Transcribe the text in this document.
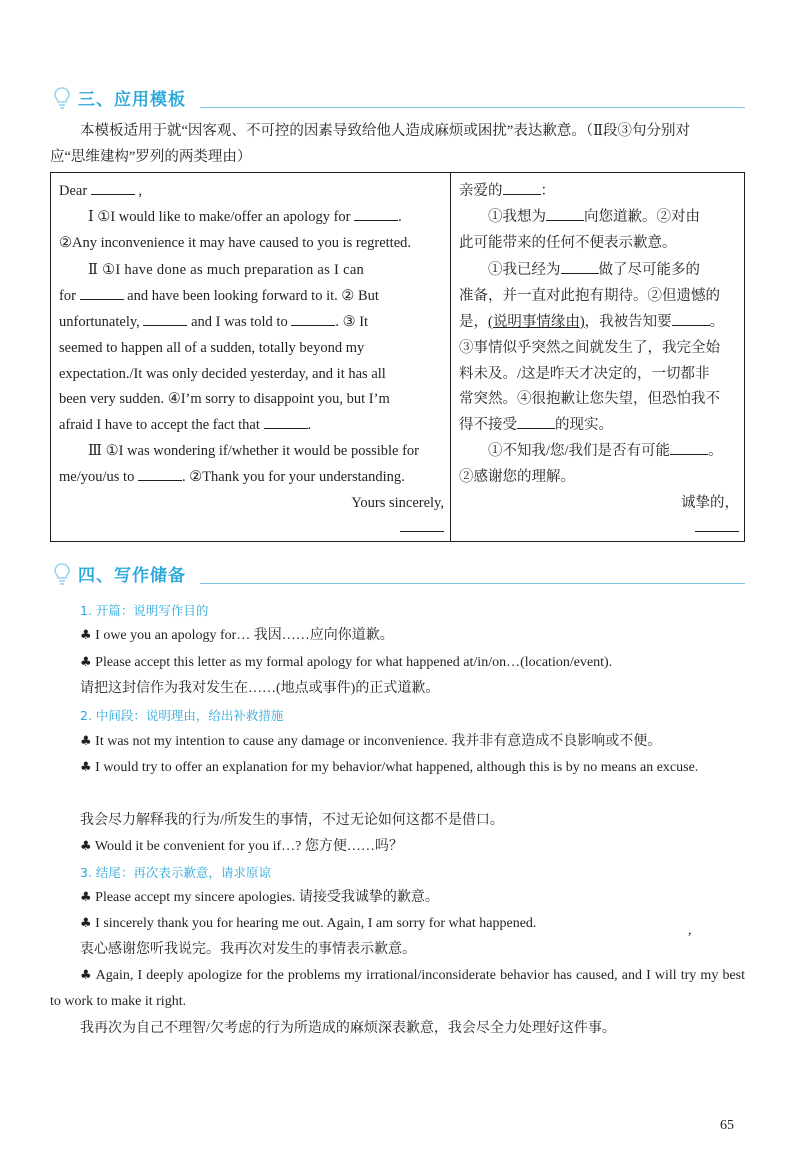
三、应用模板
本模板适用于就“因客观、不可控的因素导致给他人造成麻烦或困扰”表达歉意。（Ⅱ段③句分别对
应“思维建构”罗列的两类理由）

Dear	,

Ⅰ ①I would like to make/offer an apology for	.

②Any inconvenience it may have caused to you is regretted.

Ⅱ ①I have done as much preparation as I can

for	and have been looking forward to it. ② But

unfortunately,	and I was told to	. ③ It

seemed to happen all of a sudden, totally beyond my

expectation./It was only decided yesterday, and it has all

been very sudden. ④I’m sorry to disappoint you, but I’m

afraid I have to accept the fact that	.

Ⅲ ①I was wondering if/whether it would be possible for

me/you/us to	. ②Thank you for your understanding.

Yours sincerely,

亲爱的	：

①我想为	向您道歉。②对由

此可能带来的任何不便表示歉意。

①我已经为	做了尽可能多的

准备，并一直对此抱有期待。②但遗憾的

是，(说明事情缘由)，我被告知要	。

③事情似乎突然之间就发生了，我完全始

料未及。/这是昨天才决定的，一切都非

常突然。④很抱歉让您失望，但恐怕我不

得不接受	的现实。

①不知我/您/我们是否有可能	。

②感谢您的理解。

诚挚的，

四、写作储备
1. 开篇：说明写作目的
♣ I owe you an apology for… 我因……应向你道歉。
♣ Please accept this letter as my formal apology for what happened at/in/on…(location/event).
请把这封信作为我对发生在……(地点或事件)的正式道歉。
2. 中间段：说明理由，给出补救措施
♣ It was not my intention to cause any damage or inconvenience. 我并非有意造成不良影响或不便。
♣ I would try to offer an explanation for my behavior/what happened, although this is by no means an excuse.
我会尽力解释我的行为/所发生的事情，不过无论如何这都不是借口。
♣ Would it be convenient for you if…? 您方便……吗？
3. 结尾：再次表示歉意，请求原谅
♣ Please accept my sincere apologies. 请接受我诚挚的歉意。
♣ I sincerely thank you for hearing me out. Again, I am sorry for what happened.	,
衷心感谢您听我说完。我再次对发生的事情表示歉意。
♣ Again, I deeply apologize for the problems my irrational/inconsiderate behavior has caused, and I will try my best to work to make it right.
我再次为自己不理智/欠考虑的行为所造成的麻烦深表歉意，我会尽全力处理好这件事。
65
